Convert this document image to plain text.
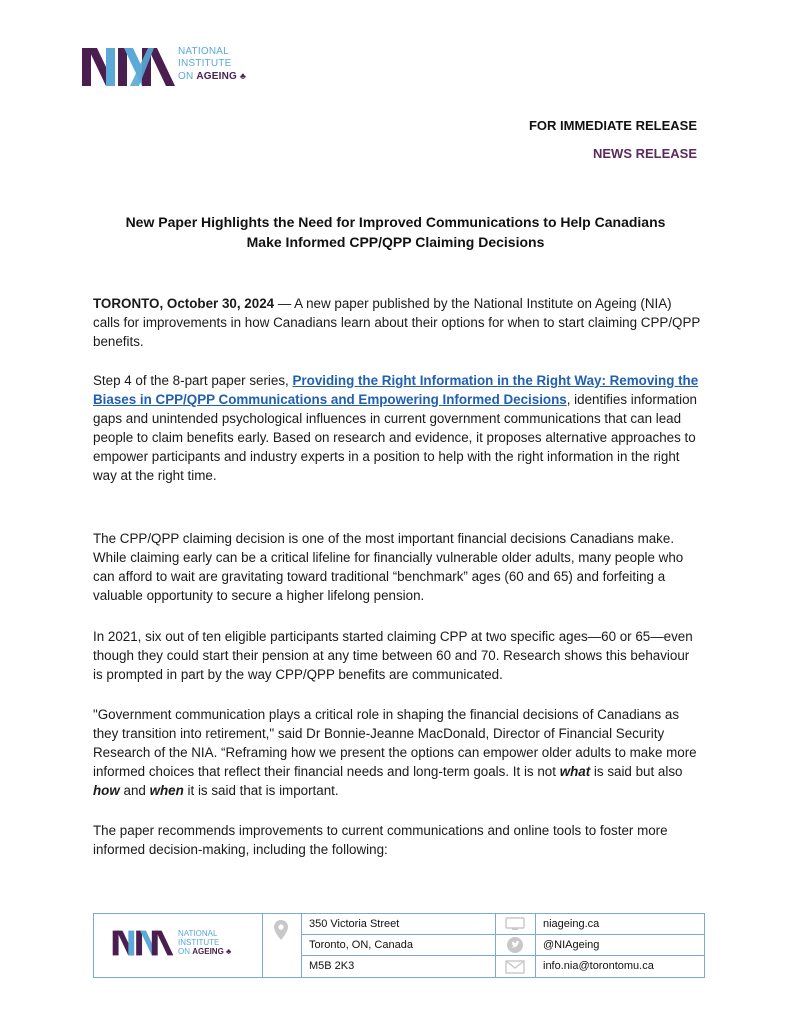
NATIONAL
INSTITUTE
ON AGEING ♣
FOR IMMEDIATE RELEASE
NEWS RELEASE
New Paper Highlights the Need for Improved Communications to Help Canadians
Make Informed CPP/QPP Claiming Decisions
TORONTO, October 30, 2024 — A new paper published by the National Institute on Ageing (NIA) calls for improvements in how Canadians learn about their options for when to start claiming CPP/QPP benefits.
Step 4 of the 8-part paper series, Providing the Right Information in the Right Way: Removing the Biases in CPP/QPP Communications and Empowering Informed Decisions, identifies information gaps and unintended psychological influences in current government communications that can lead people to claim benefits early. Based on research and evidence, it proposes alternative approaches to empower participants and industry experts in a position to help with the right information in the right way at the right time.
The CPP/QPP claiming decision is one of the most important financial decisions Canadians make. While claiming early can be a critical lifeline for financially vulnerable older adults, many people who can afford to wait are gravitating toward traditional “benchmark” ages (60 and 65) and forfeiting a valuable opportunity to secure a higher lifelong pension.
In 2021, six out of ten eligible participants started claiming CPP at two specific ages—60 or 65—even though they could start their pension at any time between 60 and 70. Research shows this behaviour is prompted in part by the way CPP/QPP benefits are communicated.
"Government communication plays a critical role in shaping the financial decisions of Canadians as they transition into retirement," said Dr Bonnie-Jeanne MacDonald, Director of Financial Security Research of the NIA. “Reframing how we present the options can empower older adults to make more informed choices that reflect their financial needs and long-term goals. It is not what is said but also how and when it is said that is important.
The paper recommends improvements to current communications and online tools to foster more informed decision-making, including the following:
NATIONAL
INSTITUTE
ON AGEING ♣
350 Victoria Street
Toronto, ON, Canada
M5B 2K3
niageing.ca
@NIAgeing
info.nia@torontomu.ca
